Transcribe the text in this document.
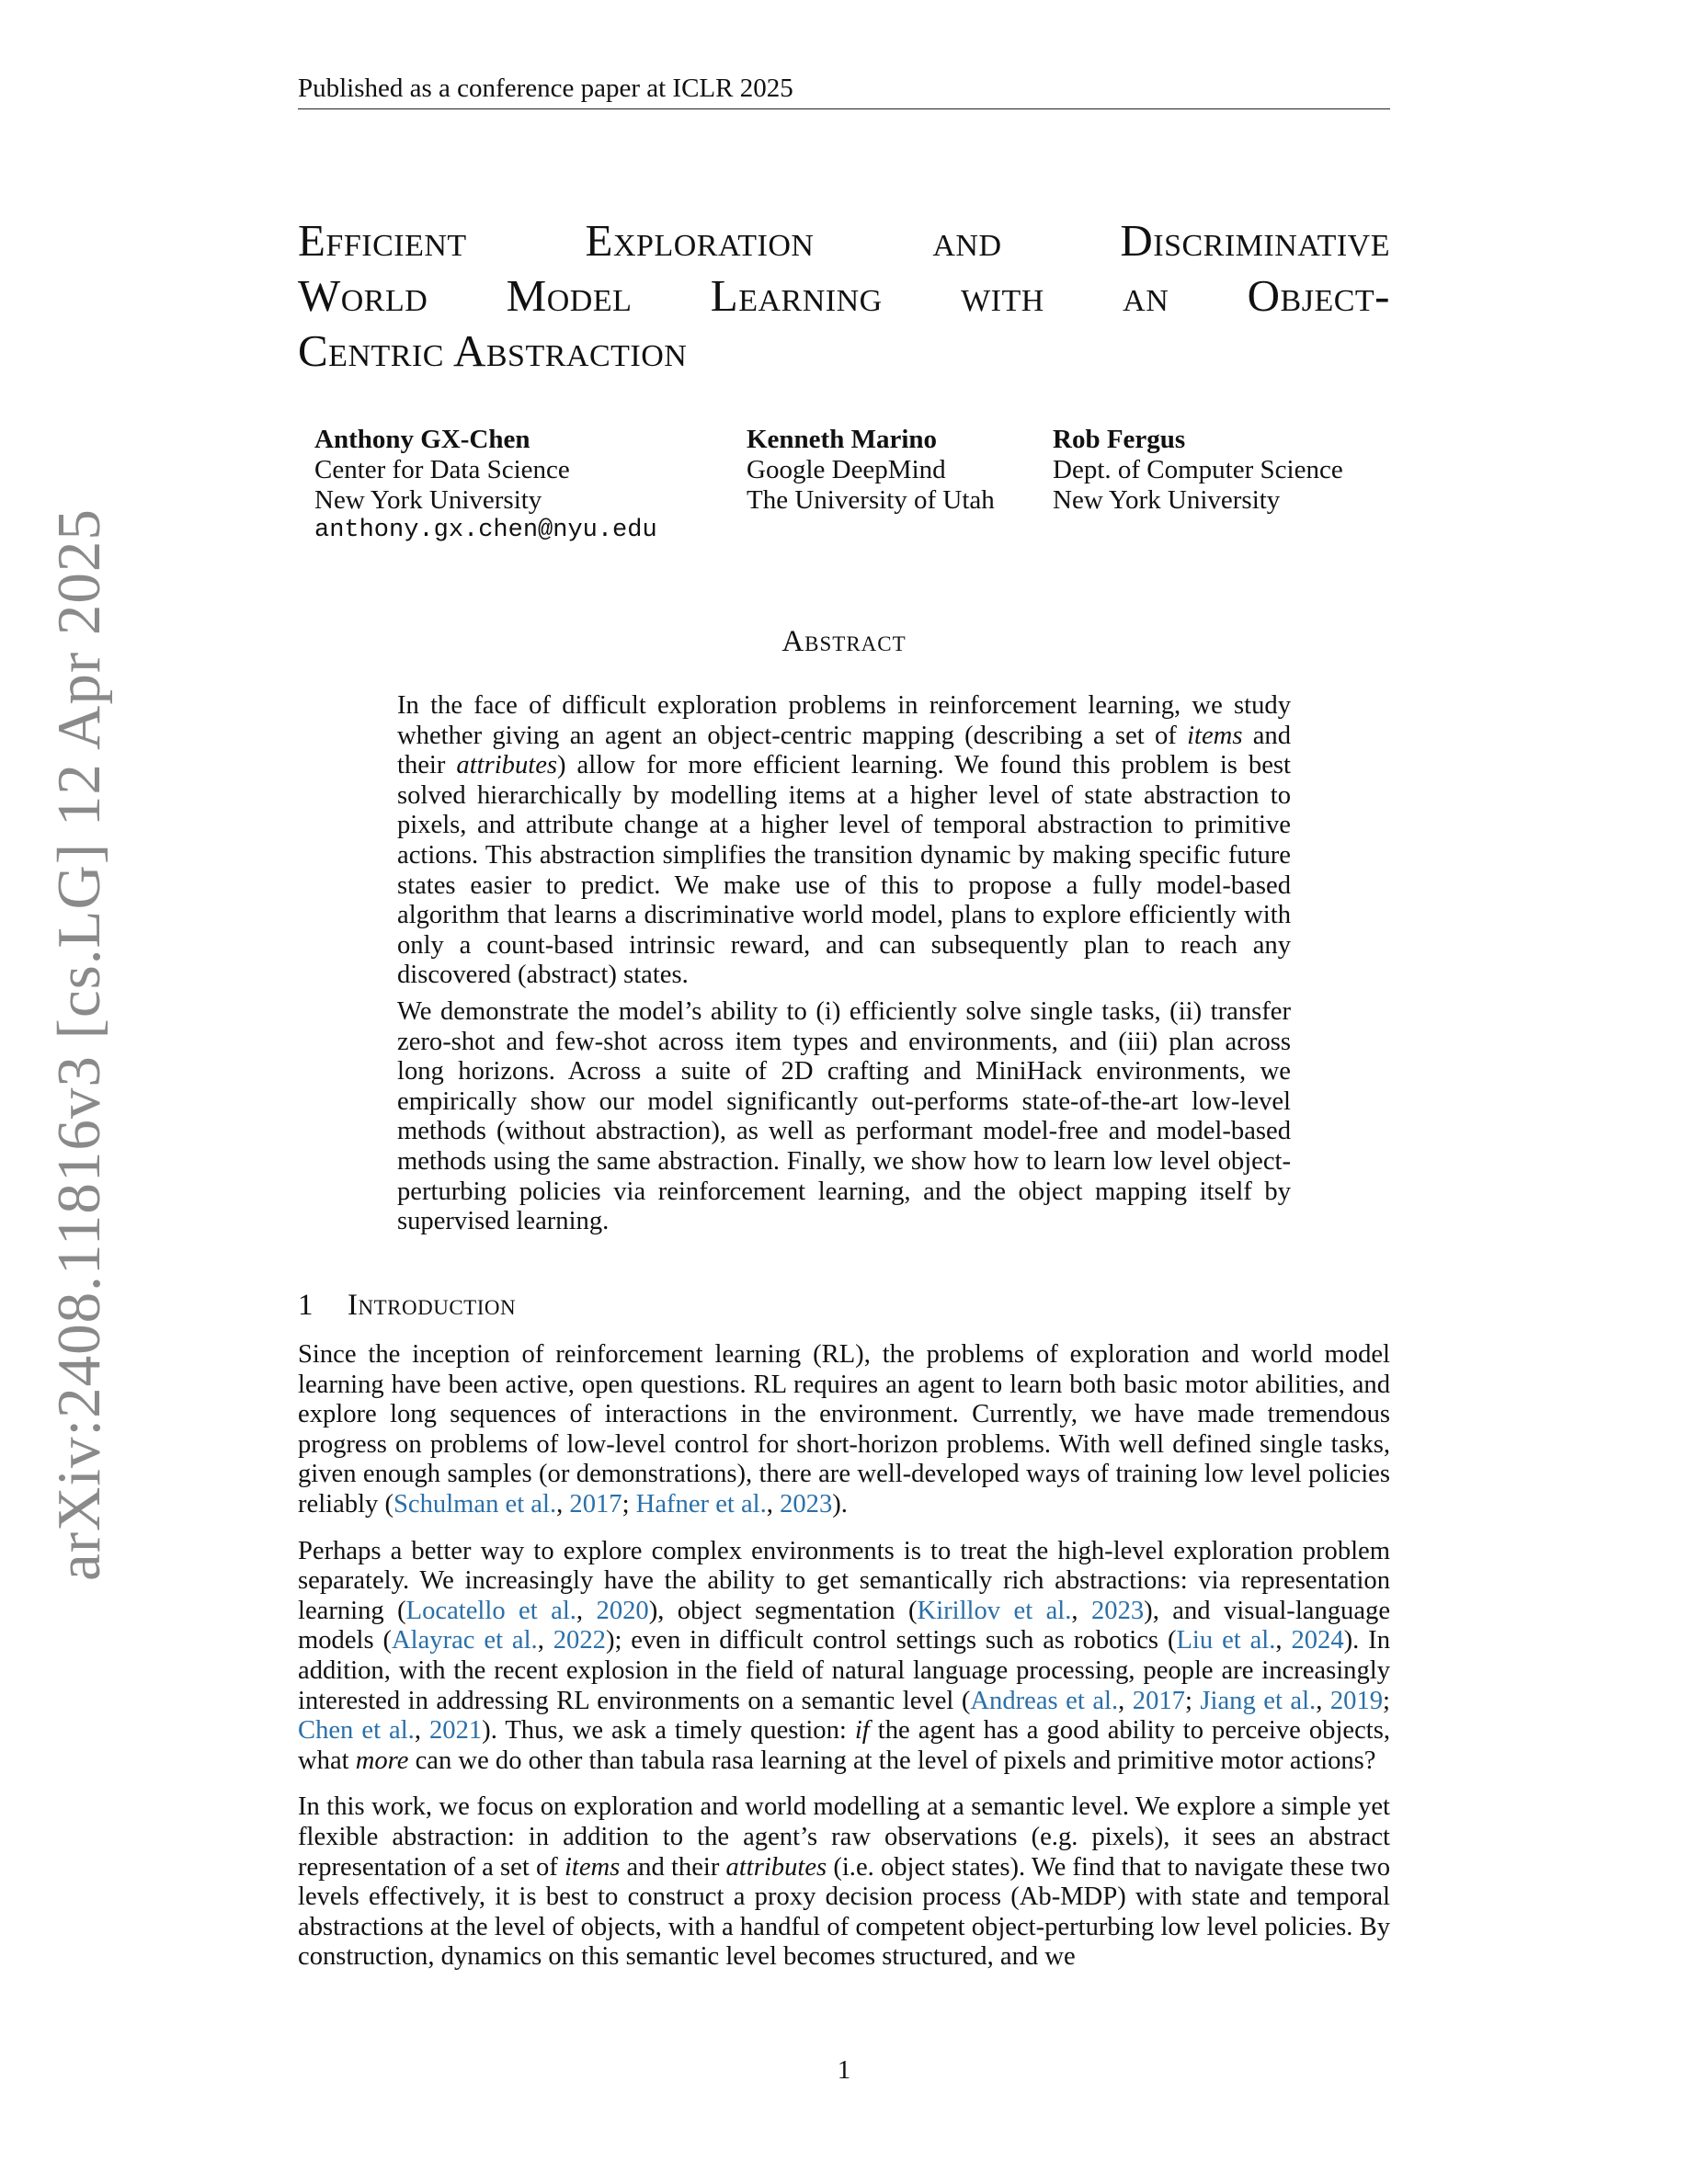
Published as a conference paper at ICLR 2025
arXiv:2408.11816v3 [cs.LG] 12 Apr 2025
Efficient Exploration and Discriminative
World Model Learning with an Object-
Centric Abstraction
Anthony GX-Chen
Center for Data Science
New York University
anthony.gx.chen@nyu.edu
Kenneth Marino
Google DeepMind
The University of Utah
Rob Fergus
Dept. of Computer Science
New York University
Abstract

In the face of difficult exploration problems in reinforcement learning, we study whether giving an agent an object-centric mapping (describing a set of items and their attributes) allow for more efficient learning. We found this problem is best solved hierarchically by modelling items at a higher level of state abstraction to pixels, and attribute change at a higher level of temporal abstraction to primitive actions. This abstraction simplifies the transition dynamic by making specific future states easier to predict. We make use of this to propose a fully model-based algorithm that learns a discriminative world model, plans to explore efficiently with only a count-based intrinsic reward, and can subsequently plan to reach any discovered (abstract) states.

We demonstrate the model’s ability to (i) efficiently solve single tasks, (ii) transfer zero-shot and few-shot across item types and environments, and (iii) plan across long horizons. Across a suite of 2D crafting and MiniHack environments, we empirically show our model significantly out-performs state-of-the-art low-level methods (without abstraction), as well as performant model-free and model-based methods using the same abstraction. Finally, we show how to learn low level object-perturbing policies via reinforcement learning, and the object mapping itself by supervised learning.

1 Introduction

Since the inception of reinforcement learning (RL), the problems of exploration and world model learning have been active, open questions. RL requires an agent to learn both basic motor abilities, and explore long sequences of interactions in the environment. Currently, we have made tremendous progress on problems of low-level control for short-horizon problems. With well defined single tasks, given enough samples (or demonstrations), there are well-developed ways of training low level policies reliably (Schulman et al., 2017; Hafner et al., 2023).

Perhaps a better way to explore complex environments is to treat the high-level exploration problem separately. We increasingly have the ability to get semantically rich abstractions: via representation learning (Locatello et al., 2020), object segmentation (Kirillov et al., 2023), and visual-language models (Alayrac et al., 2022); even in difficult control settings such as robotics (Liu et al., 2024). In addition, with the recent explosion in the field of natural language processing, people are increasingly interested in addressing RL environments on a semantic level (Andreas et al., 2017; Jiang et al., 2019; Chen et al., 2021). Thus, we ask a timely question: if the agent has a good ability to perceive objects, what more can we do other than tabula rasa learning at the level of pixels and primitive motor actions?

In this work, we focus on exploration and world modelling at a semantic level. We explore a simple yet flexible abstraction: in addition to the agent’s raw observations (e.g. pixels), it sees an abstract representation of a set of items and their attributes (i.e. object states). We find that to navigate these two levels effectively, it is best to construct a proxy decision process (Ab-MDP) with state and temporal abstractions at the level of objects, with a handful of competent object-perturbing low level policies. By construction, dynamics on this semantic level becomes structured, and we

1
